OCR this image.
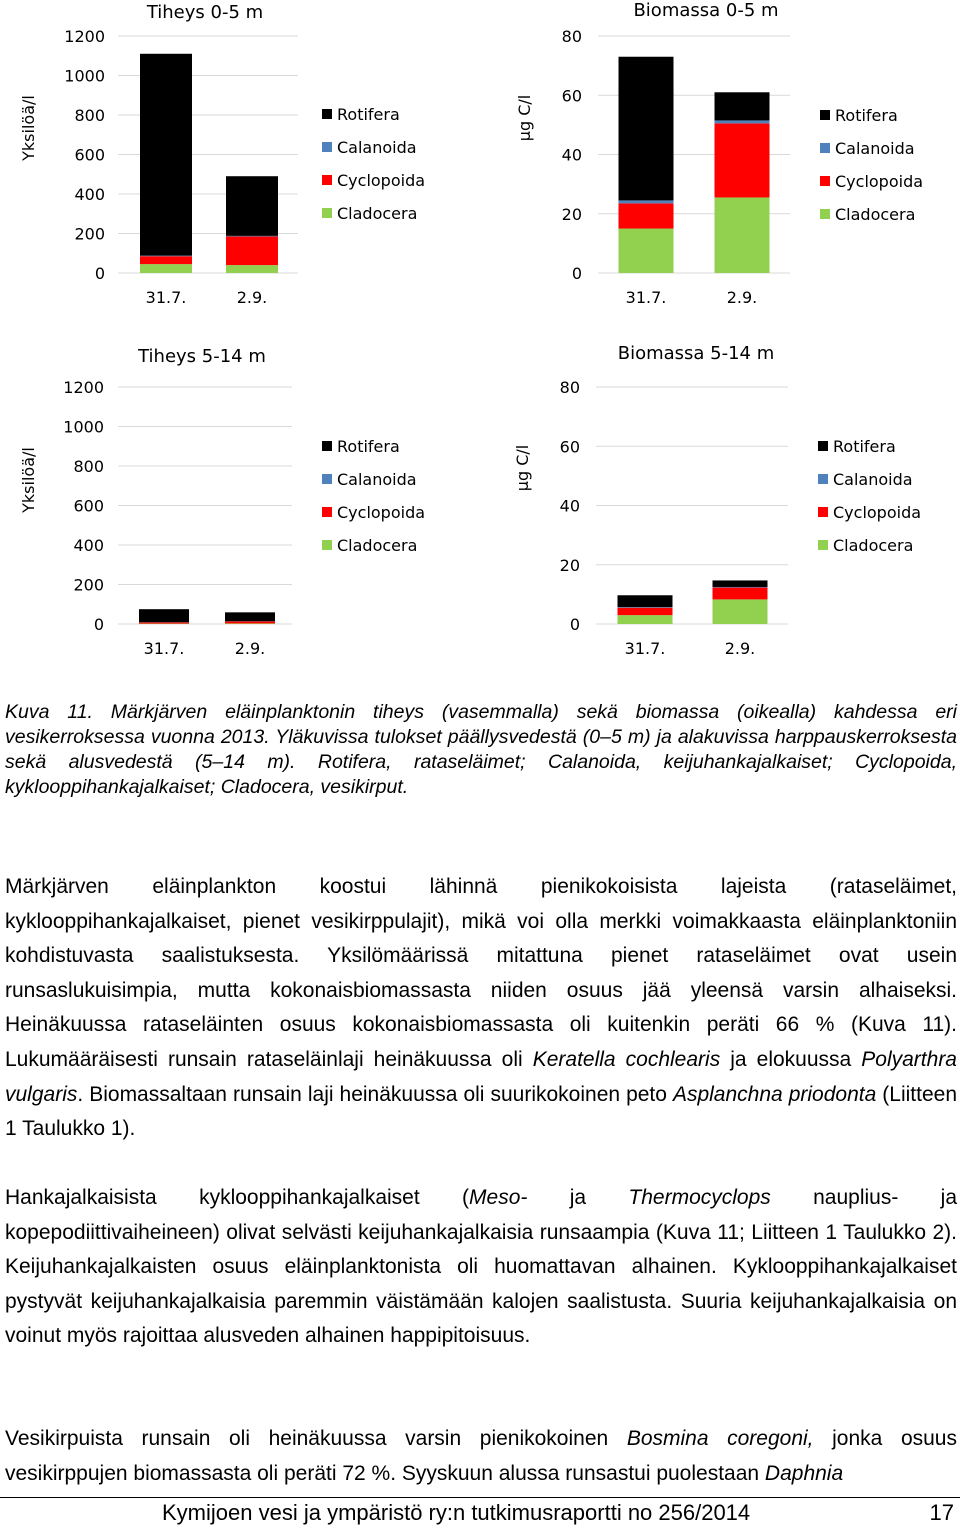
Tiheys 0-5 m
0
200
400
600
800
1000
1200
Yksilöä/l
31.7.	2.9.
Rotifera
Calanoida
Cyclopoida
Cladocera
Biomassa 0-5 m
0
20
40
60
80
µg C/l
31.7.	2.9.
Rotifera
Calanoida
Cyclopoida
Cladocera
Tiheys 5-14 m
0
200
400
600
800
1000
1200
Yksilöä/l
31.7.	2.9.
Rotifera
Calanoida
Cyclopoida
Cladocera
Biomassa 5-14 m
0
20
40
60
80
µg C/l
31.7.	2.9.
Rotifera
Calanoida
Cyclopoida
Cladocera

Kuva 11. Märkjärven eläinplanktonin tiheys (vasemmalla) sekä biomassa (oikealla) kahdessa eri vesikerroksessa vuonna 2013. Yläkuvissa tulokset päällysvedestä (0–5 m) ja alakuvissa harppauskerroksesta sekä alusvedestä (5–14 m). Rotifera, rataseläimet; Calanoida, keijuhankajalkaiset; Cyclopoida, kyklooppihankajalkaiset; Cladocera, vesikirput.

Märkjärven eläinplankton koostui lähinnä pienikokoisista lajeista (rataseläimet, kyklooppihankajalkaiset, pienet vesikirppulajit), mikä voi olla merkki voimakkaasta eläinplanktoniin kohdistuvasta saalistuksesta. Yksilömäärissä mitattuna pienet rataseläimet ovat usein runsaslukuisimpia, mutta kokonaisbiomassasta niiden osuus jää yleensä varsin alhaiseksi. Heinäkuussa rataseläinten osuus kokonaisbiomassasta oli kuitenkin peräti 66 % (Kuva 11). Lukumääräisesti runsain rataseläinlaji heinäkuussa oli Keratella cochlearis ja elokuussa Polyarthra vulgaris. Biomassaltaan runsain laji heinäkuussa oli suurikokoinen peto Asplanchna priodonta (Liitteen 1 Taulukko 1).

Hankajalkaisista kyklooppihankajalkaiset (Meso- ja Thermocyclops nauplius- ja kopepodiittivaiheineen) olivat selvästi keijuhankajalkaisia runsaampia (Kuva 11; Liitteen 1 Taulukko 2). Keijuhankajalkaisten osuus eläinplanktonista oli huomattavan alhainen. Kyklooppihankajalkaiset pystyvät keijuhankajalkaisia paremmin väistämään kalojen saalistusta. Suuria keijuhankajalkaisia on voinut myös rajoittaa alusveden alhainen happipitoisuus.

Vesikirpuista runsain oli heinäkuussa varsin pienikokoinen Bosmina coregoni, jonka osuus vesikirppujen biomassasta oli peräti 72 %. Syyskuun alussa runsastui puolestaan Daphnia

Kymijoen vesi ja ympäristö ry:n tutkimusraportti no 256/2014	17
